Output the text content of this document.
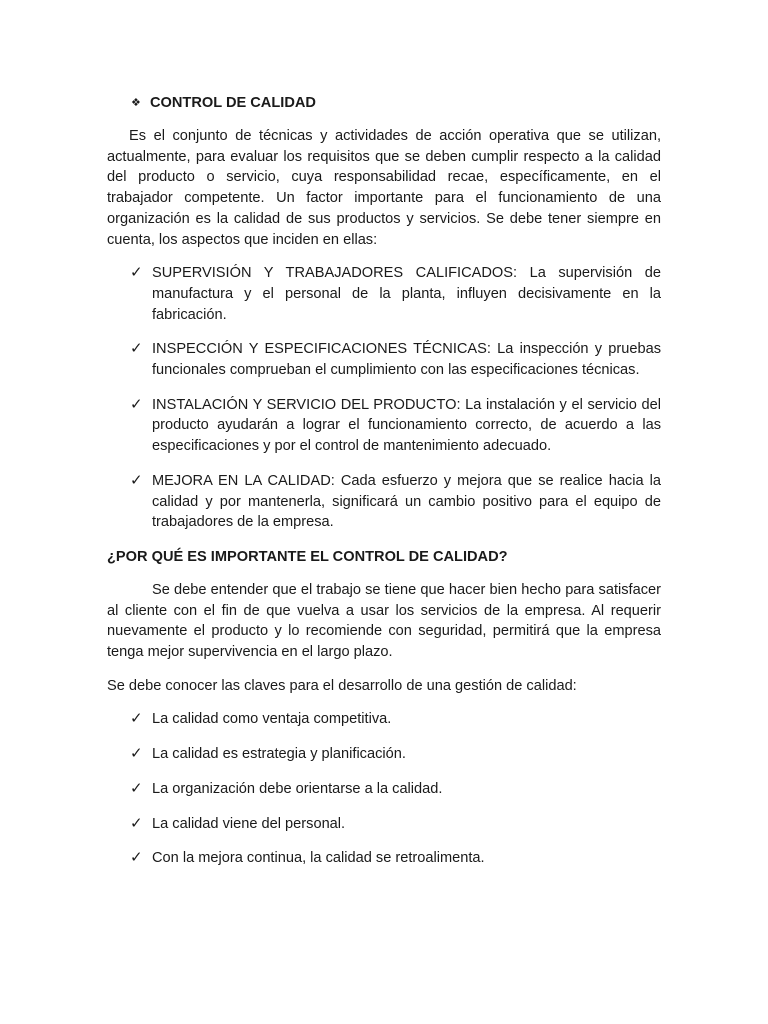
❖ CONTROL DE CALIDAD

Es el conjunto de técnicas y actividades de acción operativa que se utilizan, actualmente, para evaluar los requisitos que se deben cumplir respecto a la calidad del producto o servicio, cuya responsabilidad recae, específicamente, en el trabajador competente. Un factor importante para el funcionamiento de una organización es la calidad de sus productos y servicios. Se debe tener siempre en cuenta, los aspectos que inciden en ellas:

✓ SUPERVISIÓN Y TRABAJADORES CALIFICADOS: La supervisión de manufactura y el personal de la planta, influyen decisivamente en la fabricación.
✓ INSPECCIÓN Y ESPECIFICACIONES TÉCNICAS: La inspección y pruebas funcionales comprueban el cumplimiento con las especificaciones técnicas.
✓ INSTALACIÓN Y SERVICIO DEL PRODUCTO: La instalación y el servicio del producto ayudarán a lograr el funcionamiento correcto, de acuerdo a las especificaciones y por el control de mantenimiento adecuado.
✓ MEJORA EN LA CALIDAD: Cada esfuerzo y mejora que se realice hacia la calidad y por mantenerla, significará un cambio positivo para el equipo de trabajadores de la empresa.

¿POR QUÉ ES IMPORTANTE EL CONTROL DE CALIDAD?

Se debe entender que el trabajo se tiene que hacer bien hecho para satisfacer al cliente con el fin de que vuelva a usar los servicios de la empresa. Al requerir nuevamente el producto y lo recomiende con seguridad, permitirá que la empresa tenga mejor supervivencia en el largo plazo.

Se debe conocer las claves para el desarrollo de una gestión de calidad:

✓ La calidad como ventaja competitiva.
✓ La calidad es estrategia y planificación.
✓ La organización debe orientarse a la calidad.
✓ La calidad viene del personal.
✓ Con la mejora continua, la calidad se retroalimenta.
